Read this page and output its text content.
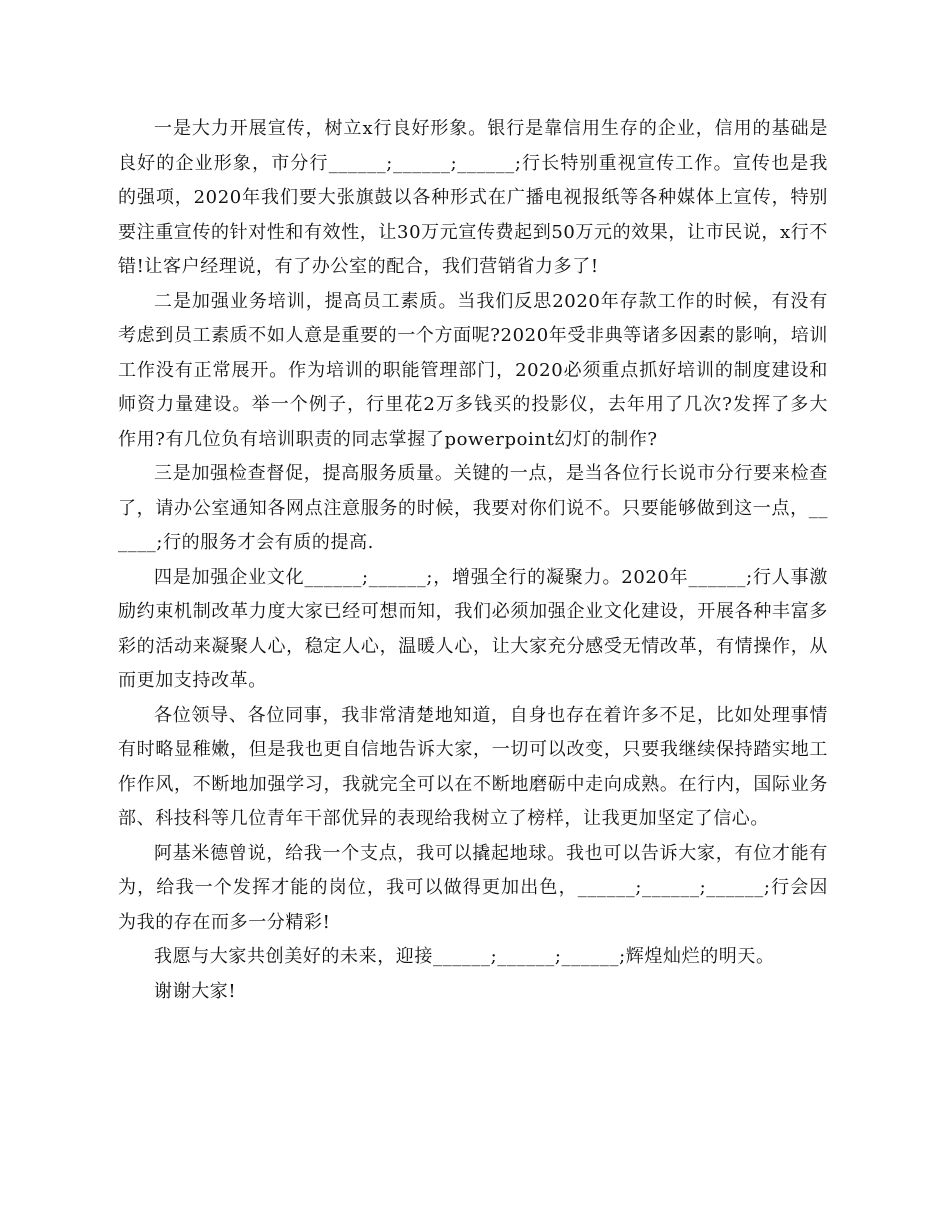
一是大力开展宣传，树立x行良好形象。银行是靠信用生存的企业，信用的基础是良好的企业形象，市分行______;______;______;行长特别重视宣传工作。宣传也是我的强项，2020年我们要大张旗鼓以各种形式在广播电视报纸等各种媒体上宣传，特别要注重宣传的针对性和有效性，让30万元宣传费起到50万元的效果，让市民说，x行不错!让客户经理说，有了办公室的配合，我们营销省力多了!

二是加强业务培训，提高员工素质。当我们反思2020年存款工作的时候，有没有考虑到员工素质不如人意是重要的一个方面呢?2020年受非典等诸多因素的影响，培训工作没有正常展开。作为培训的职能管理部门，2020必须重点抓好培训的制度建设和师资力量建设。举一个例子，行里花2万多钱买的投影仪，去年用了几次?发挥了多大作用?有几位负有培训职责的同志掌握了powerpoint幻灯的制作?

三是加强检查督促，提高服务质量。关键的一点，是当各位行长说市分行要来检查了，请办公室通知各网点注意服务的时候，我要对你们说不。只要能够做到这一点，______;行的服务才会有质的提高.

四是加强企业文化______;______;，增强全行的凝聚力。2020年______;行人事激励约束机制改革力度大家已经可想而知，我们必须加强企业文化建设，开展各种丰富多彩的活动来凝聚人心，稳定人心，温暖人心，让大家充分感受无情改革，有情操作，从而更加支持改革。

各位领导、各位同事，我非常清楚地知道，自身也存在着许多不足，比如处理事情有时略显稚嫩，但是我也更自信地告诉大家，一切可以改变，只要我继续保持踏实地工作作风，不断地加强学习，我就完全可以在不断地磨砺中走向成熟。在行内，国际业务部、科技科等几位青年干部优异的表现给我树立了榜样，让我更加坚定了信心。

阿基米德曾说，给我一个支点，我可以撬起地球。我也可以告诉大家，有位才能有为，给我一个发挥才能的岗位，我可以做得更加出色，______;______;______;行会因为我的存在而多一分精彩!

我愿与大家共创美好的未来，迎接______;______;______;辉煌灿烂的明天。

谢谢大家!
